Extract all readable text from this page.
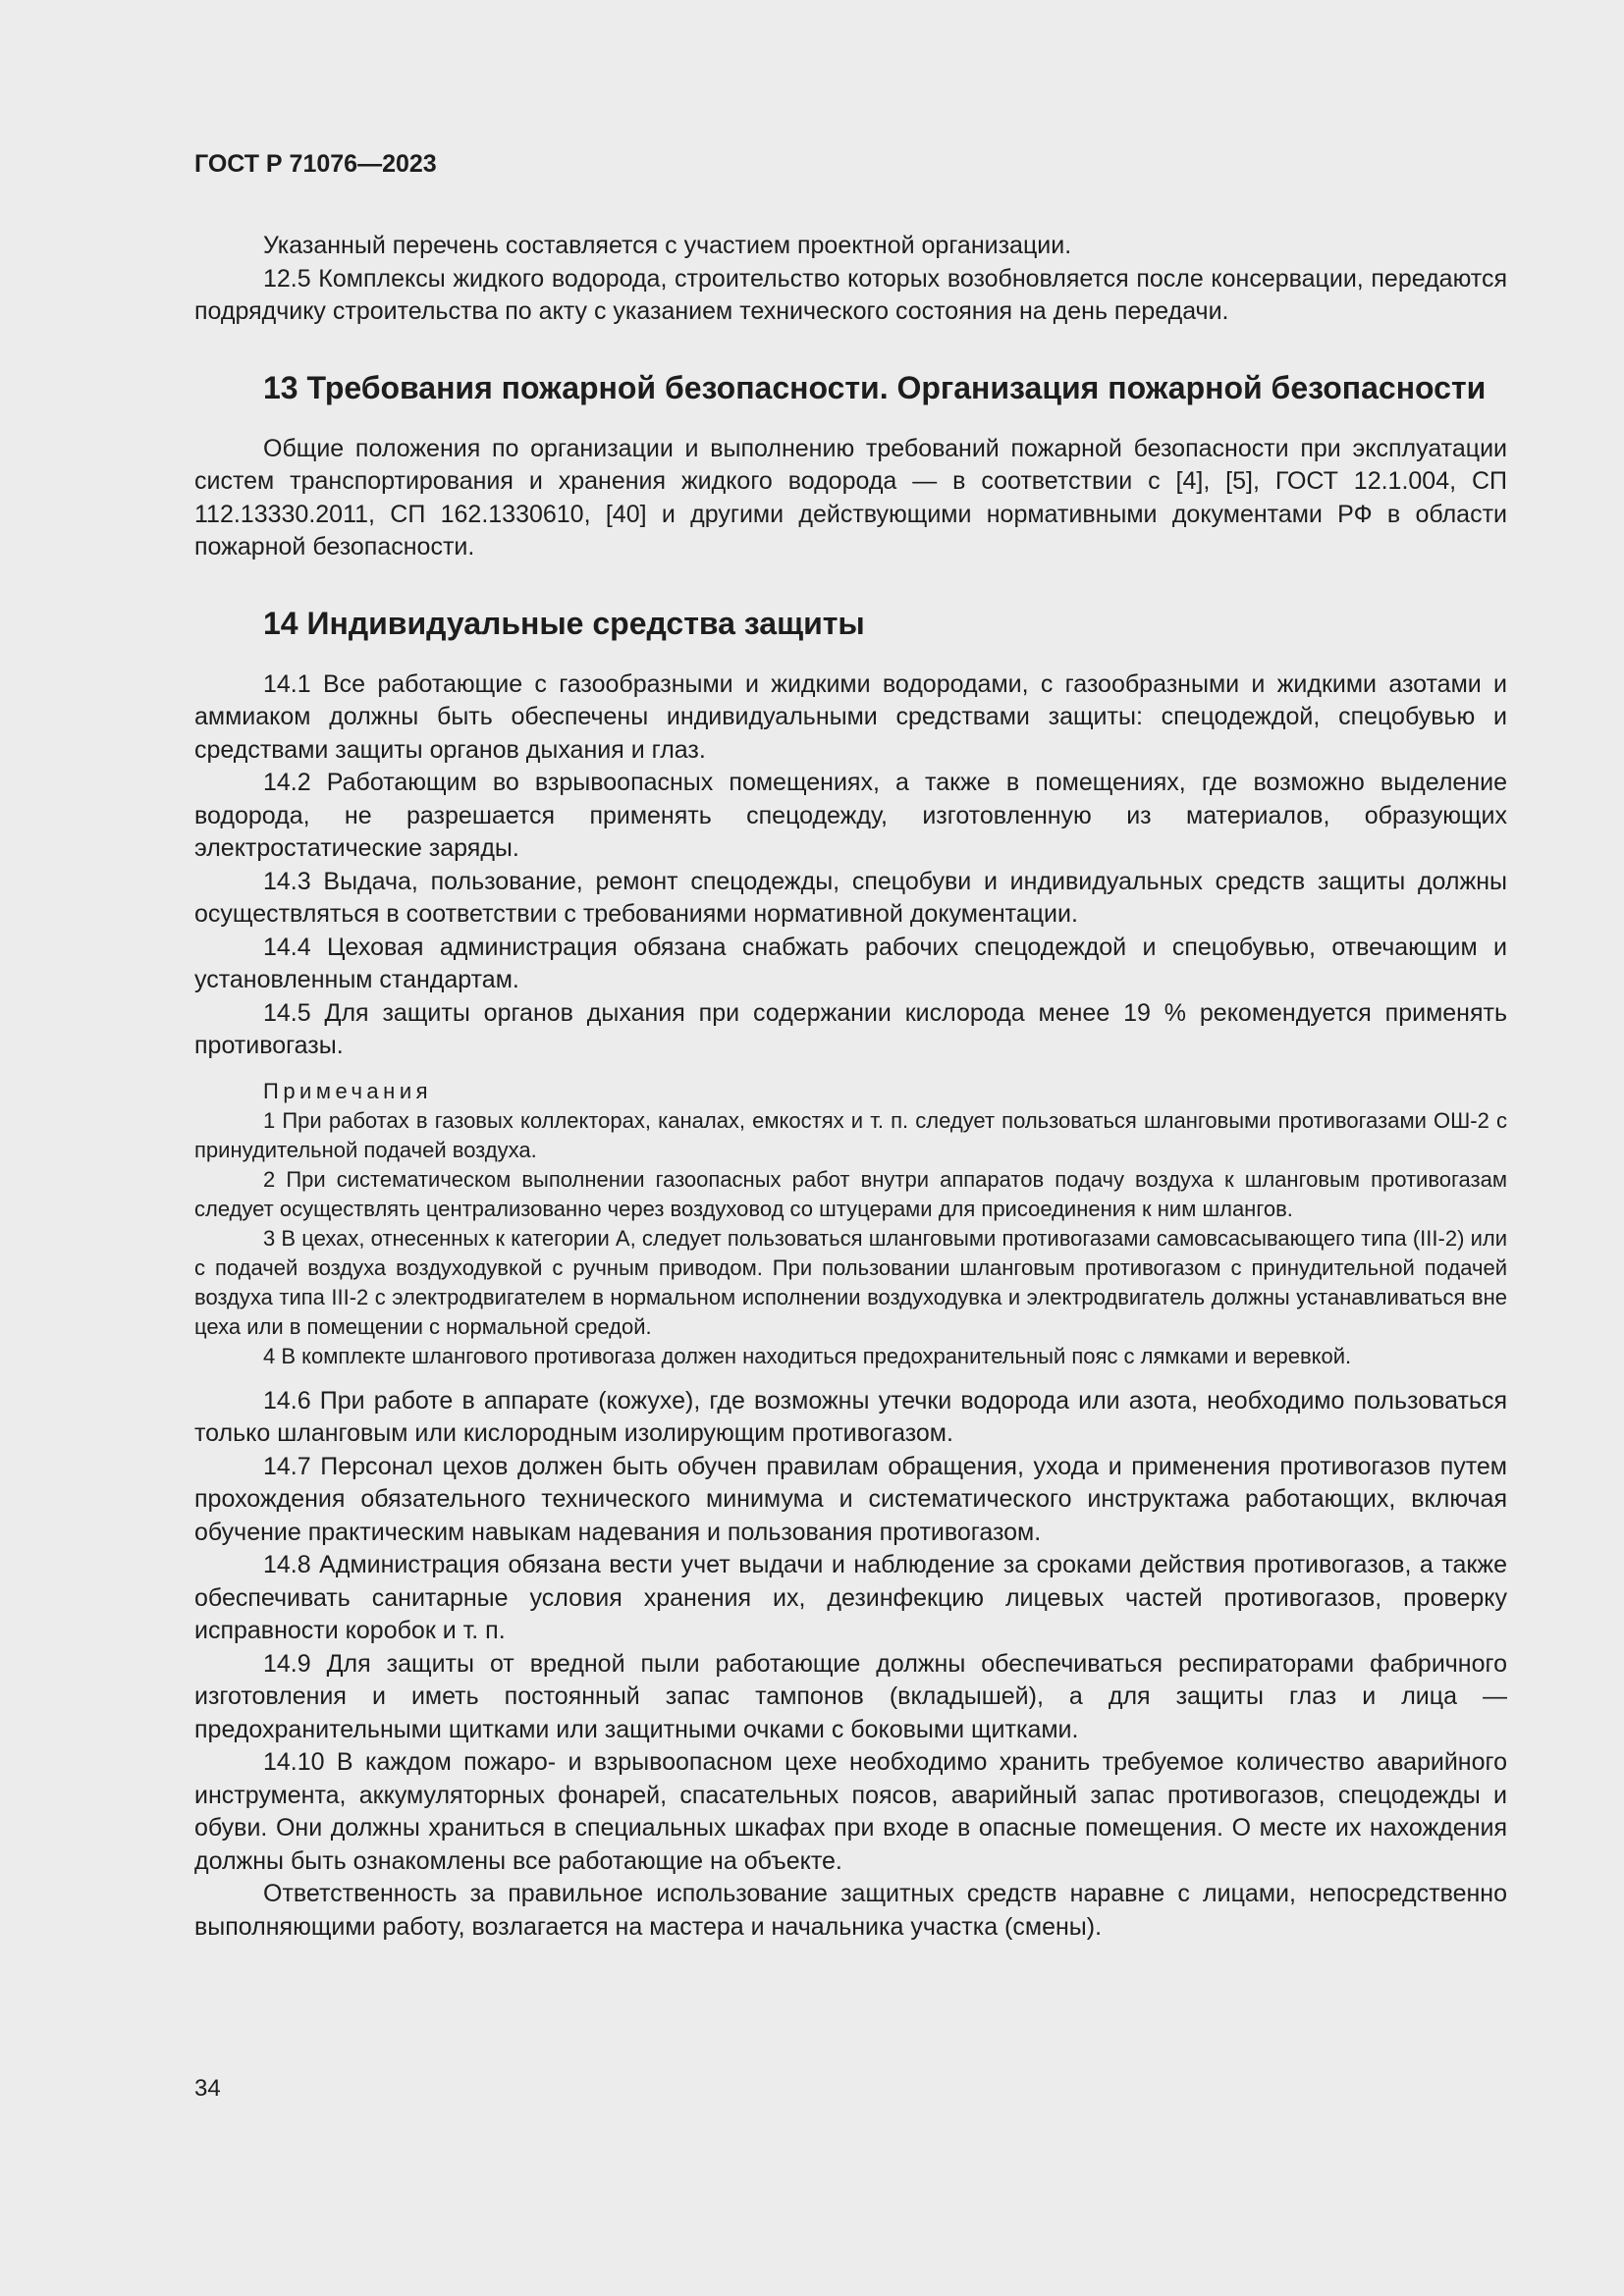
ГОСТ Р 71076—2023

Указанный перечень составляется с участием проектной организации.

12.5 Комплексы жидкого водорода, строительство которых возобновляется после консервации, передаются подрядчику строительства по акту с указанием технического состояния на день передачи.

13 Требования пожарной безопасности. Организация пожарной безопасности

Общие положения по организации и выполнению требований пожарной безопасности при эксплуатации систем транспортирования и хранения жидкого водорода — в соответствии с [4], [5], ГОСТ 12.1.004, СП 112.13330.2011, СП 162.1330610, [40] и другими действующими нормативными документами РФ в области пожарной безопасности.

14 Индивидуальные средства защиты

14.1 Все работающие с газообразными и жидкими водородами, с газообразными и жидкими азотами и аммиаком должны быть обеспечены индивидуальными средствами защиты: спецодеждой, спецобувью и средствами защиты органов дыхания и глаз.

14.2 Работающим во взрывоопасных помещениях, а также в помещениях, где возможно выделение водорода, не разрешается применять спецодежду, изготовленную из материалов, образующих электростатические заряды.

14.3 Выдача, пользование, ремонт спецодежды, спецобуви и индивидуальных средств защиты должны осуществляться в соответствии с требованиями нормативной документации.

14.4 Цеховая администрация обязана снабжать рабочих спецодеждой и спецобувью, отвечающим и установленным стандартам.

14.5 Для защиты органов дыхания при содержании кислорода менее 19 % рекомендуется применять противогазы.

Примечания

1 При работах в газовых коллекторах, каналах, емкостях и т. п. следует пользоваться шланговыми противогазами ОШ-2 с принудительной подачей воздуха.

2 При систематическом выполнении газоопасных работ внутри аппаратов подачу воздуха к шланговым противогазам следует осуществлять централизованно через воздуховод со штуцерами для присоединения к ним шлангов.

3 В цехах, отнесенных к категории А, следует пользоваться шланговыми противогазами самовсасывающего типа (III-2) или с подачей воздуха воздуходувкой с ручным приводом. При пользовании шланговым противогазом с принудительной подачей воздуха типа III-2 с электродвигателем в нормальном исполнении воздуходувка и электродвигатель должны устанавливаться вне цеха или в помещении с нормальной средой.

4 В комплекте шлангового противогаза должен находиться предохранительный пояс с лямками и веревкой.

14.6 При работе в аппарате (кожухе), где возможны утечки водорода или азота, необходимо пользоваться только шланговым или кислородным изолирующим противогазом.

14.7 Персонал цехов должен быть обучен правилам обращения, ухода и применения противогазов путем прохождения обязательного технического минимума и систематического инструктажа работающих, включая обучение практическим навыкам надевания и пользования противогазом.

14.8 Администрация обязана вести учет выдачи и наблюдение за сроками действия противогазов, а также обеспечивать санитарные условия хранения их, дезинфекцию лицевых частей противогазов, проверку исправности коробок и т. п.

14.9 Для защиты от вредной пыли работающие должны обеспечиваться респираторами фабричного изготовления и иметь постоянный запас тампонов (вкладышей), а для защиты глаз и лица — предохранительными щитками или защитными очками с боковыми щитками.

14.10 В каждом пожаро- и взрывоопасном цехе необходимо хранить требуемое количество аварийного инструмента, аккумуляторных фонарей, спасательных поясов, аварийный запас противогазов, спецодежды и обуви. Они должны храниться в специальных шкафах при входе в опасные помещения. О месте их нахождения должны быть ознакомлены все работающие на объекте.

Ответственность за правильное использование защитных средств наравне с лицами, непосредственно выполняющими работу, возлагается на мастера и начальника участка (смены).

34
